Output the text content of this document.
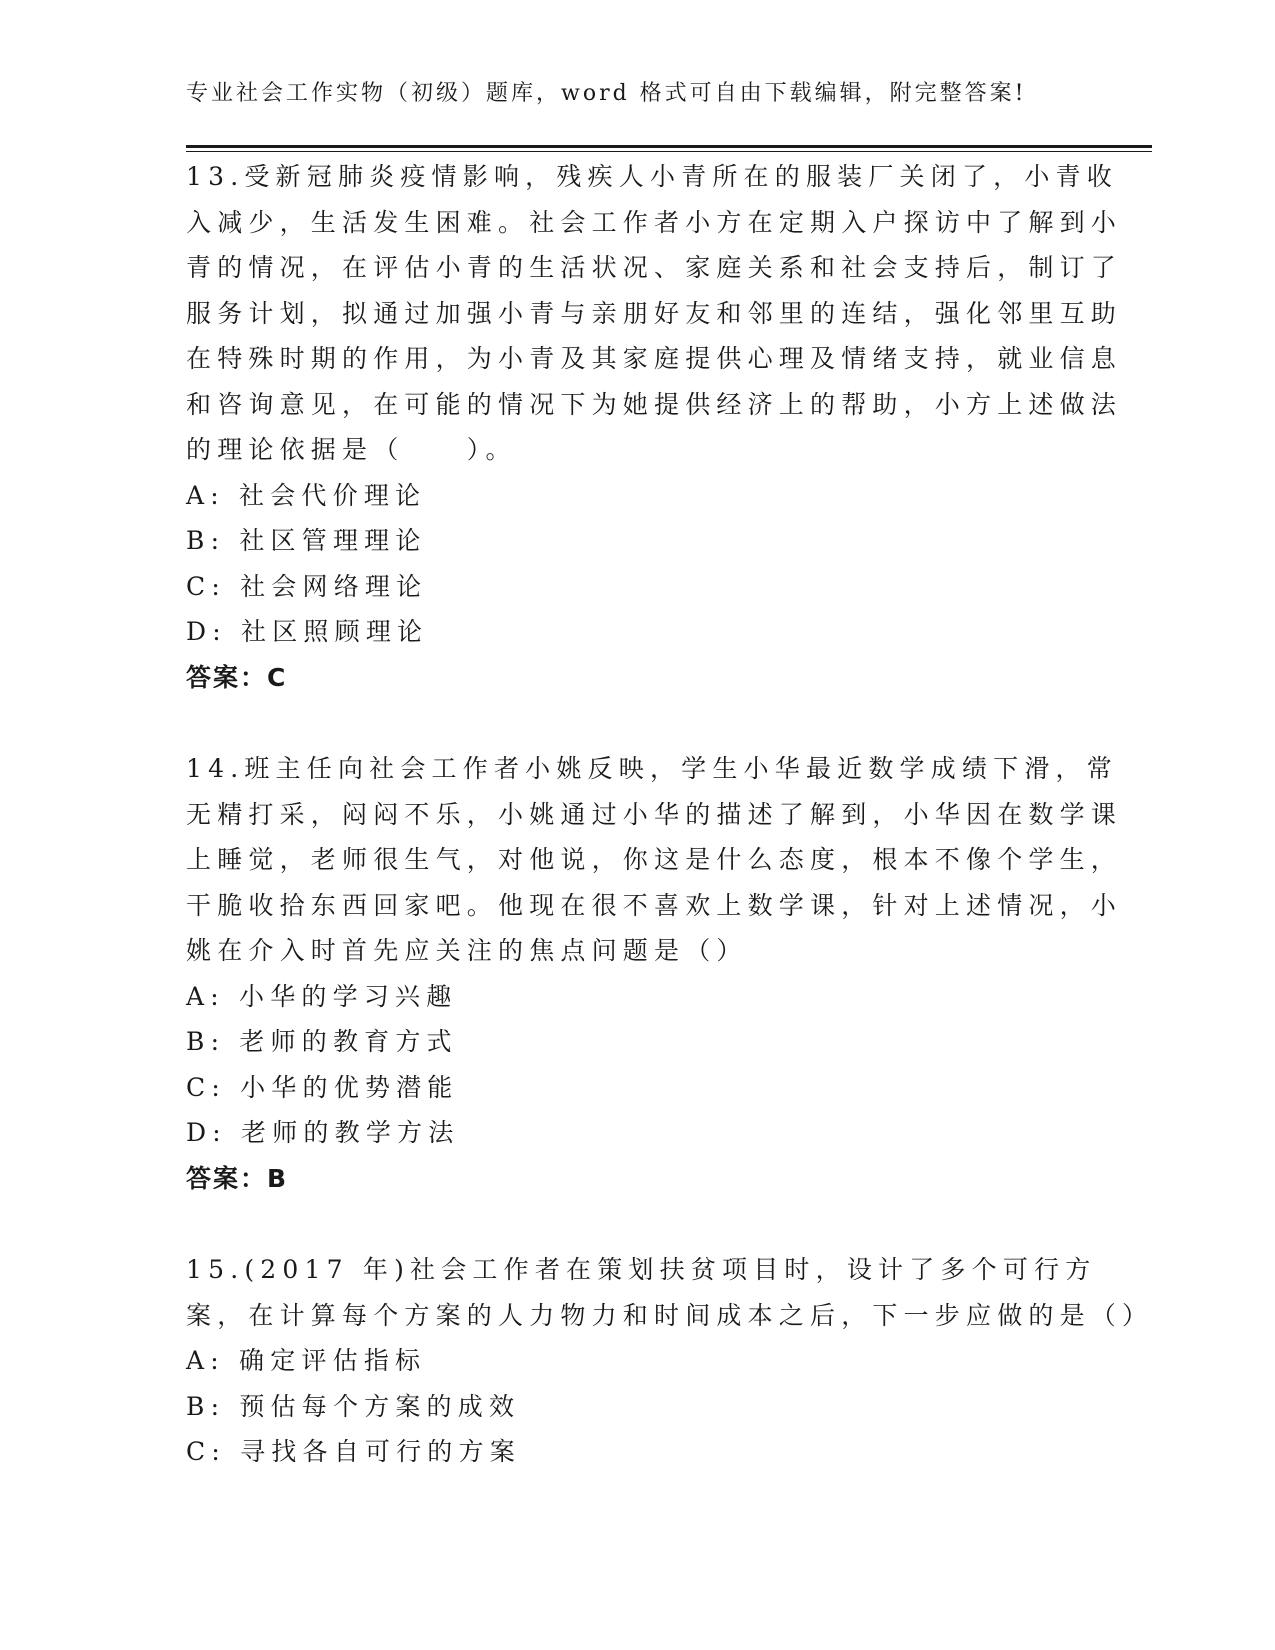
专业社会工作实物（初级）题库，word 格式可自由下载编辑，附完整答案!

13.受新冠肺炎疫情影响，残疾人小青所在的服装厂关闭了，小青收入减少，生活发生困难。社会工作者小方在定期入户探访中了解到小青的情况，在评估小青的生活状况、家庭关系和社会支持后，制订了服务计划，拟通过加强小青与亲朋好友和邻里的连结，强化邻里互助在特殊时期的作用，为小青及其家庭提供心理及情绪支持，就业信息和咨询意见，在可能的情况下为她提供经济上的帮助，小方上述做法的理论依据是（　　）。

A: 社会代价理论

B: 社区管理理论

C: 社会网络理论

D: 社区照顾理论

答案：C

14.班主任向社会工作者小姚反映，学生小华最近数学成绩下滑，常无精打采，闷闷不乐，小姚通过小华的描述了解到，小华因在数学课上睡觉，老师很生气，对他说，你这是什么态度，根本不像个学生，干脆收拾东西回家吧。他现在很不喜欢上数学课，针对上述情况，小姚在介入时首先应关注的焦点问题是（）

A: 小华的学习兴趣

B: 老师的教育方式

C: 小华的优势潜能

D: 老师的教学方法

答案：B

15.(2017 年)社会工作者在策划扶贫项目时，设计了多个可行方案，在计算每个方案的人力物力和时间成本之后，下一步应做的是（）

A: 确定评估指标

B: 预估每个方案的成效

C: 寻找各自可行的方案
